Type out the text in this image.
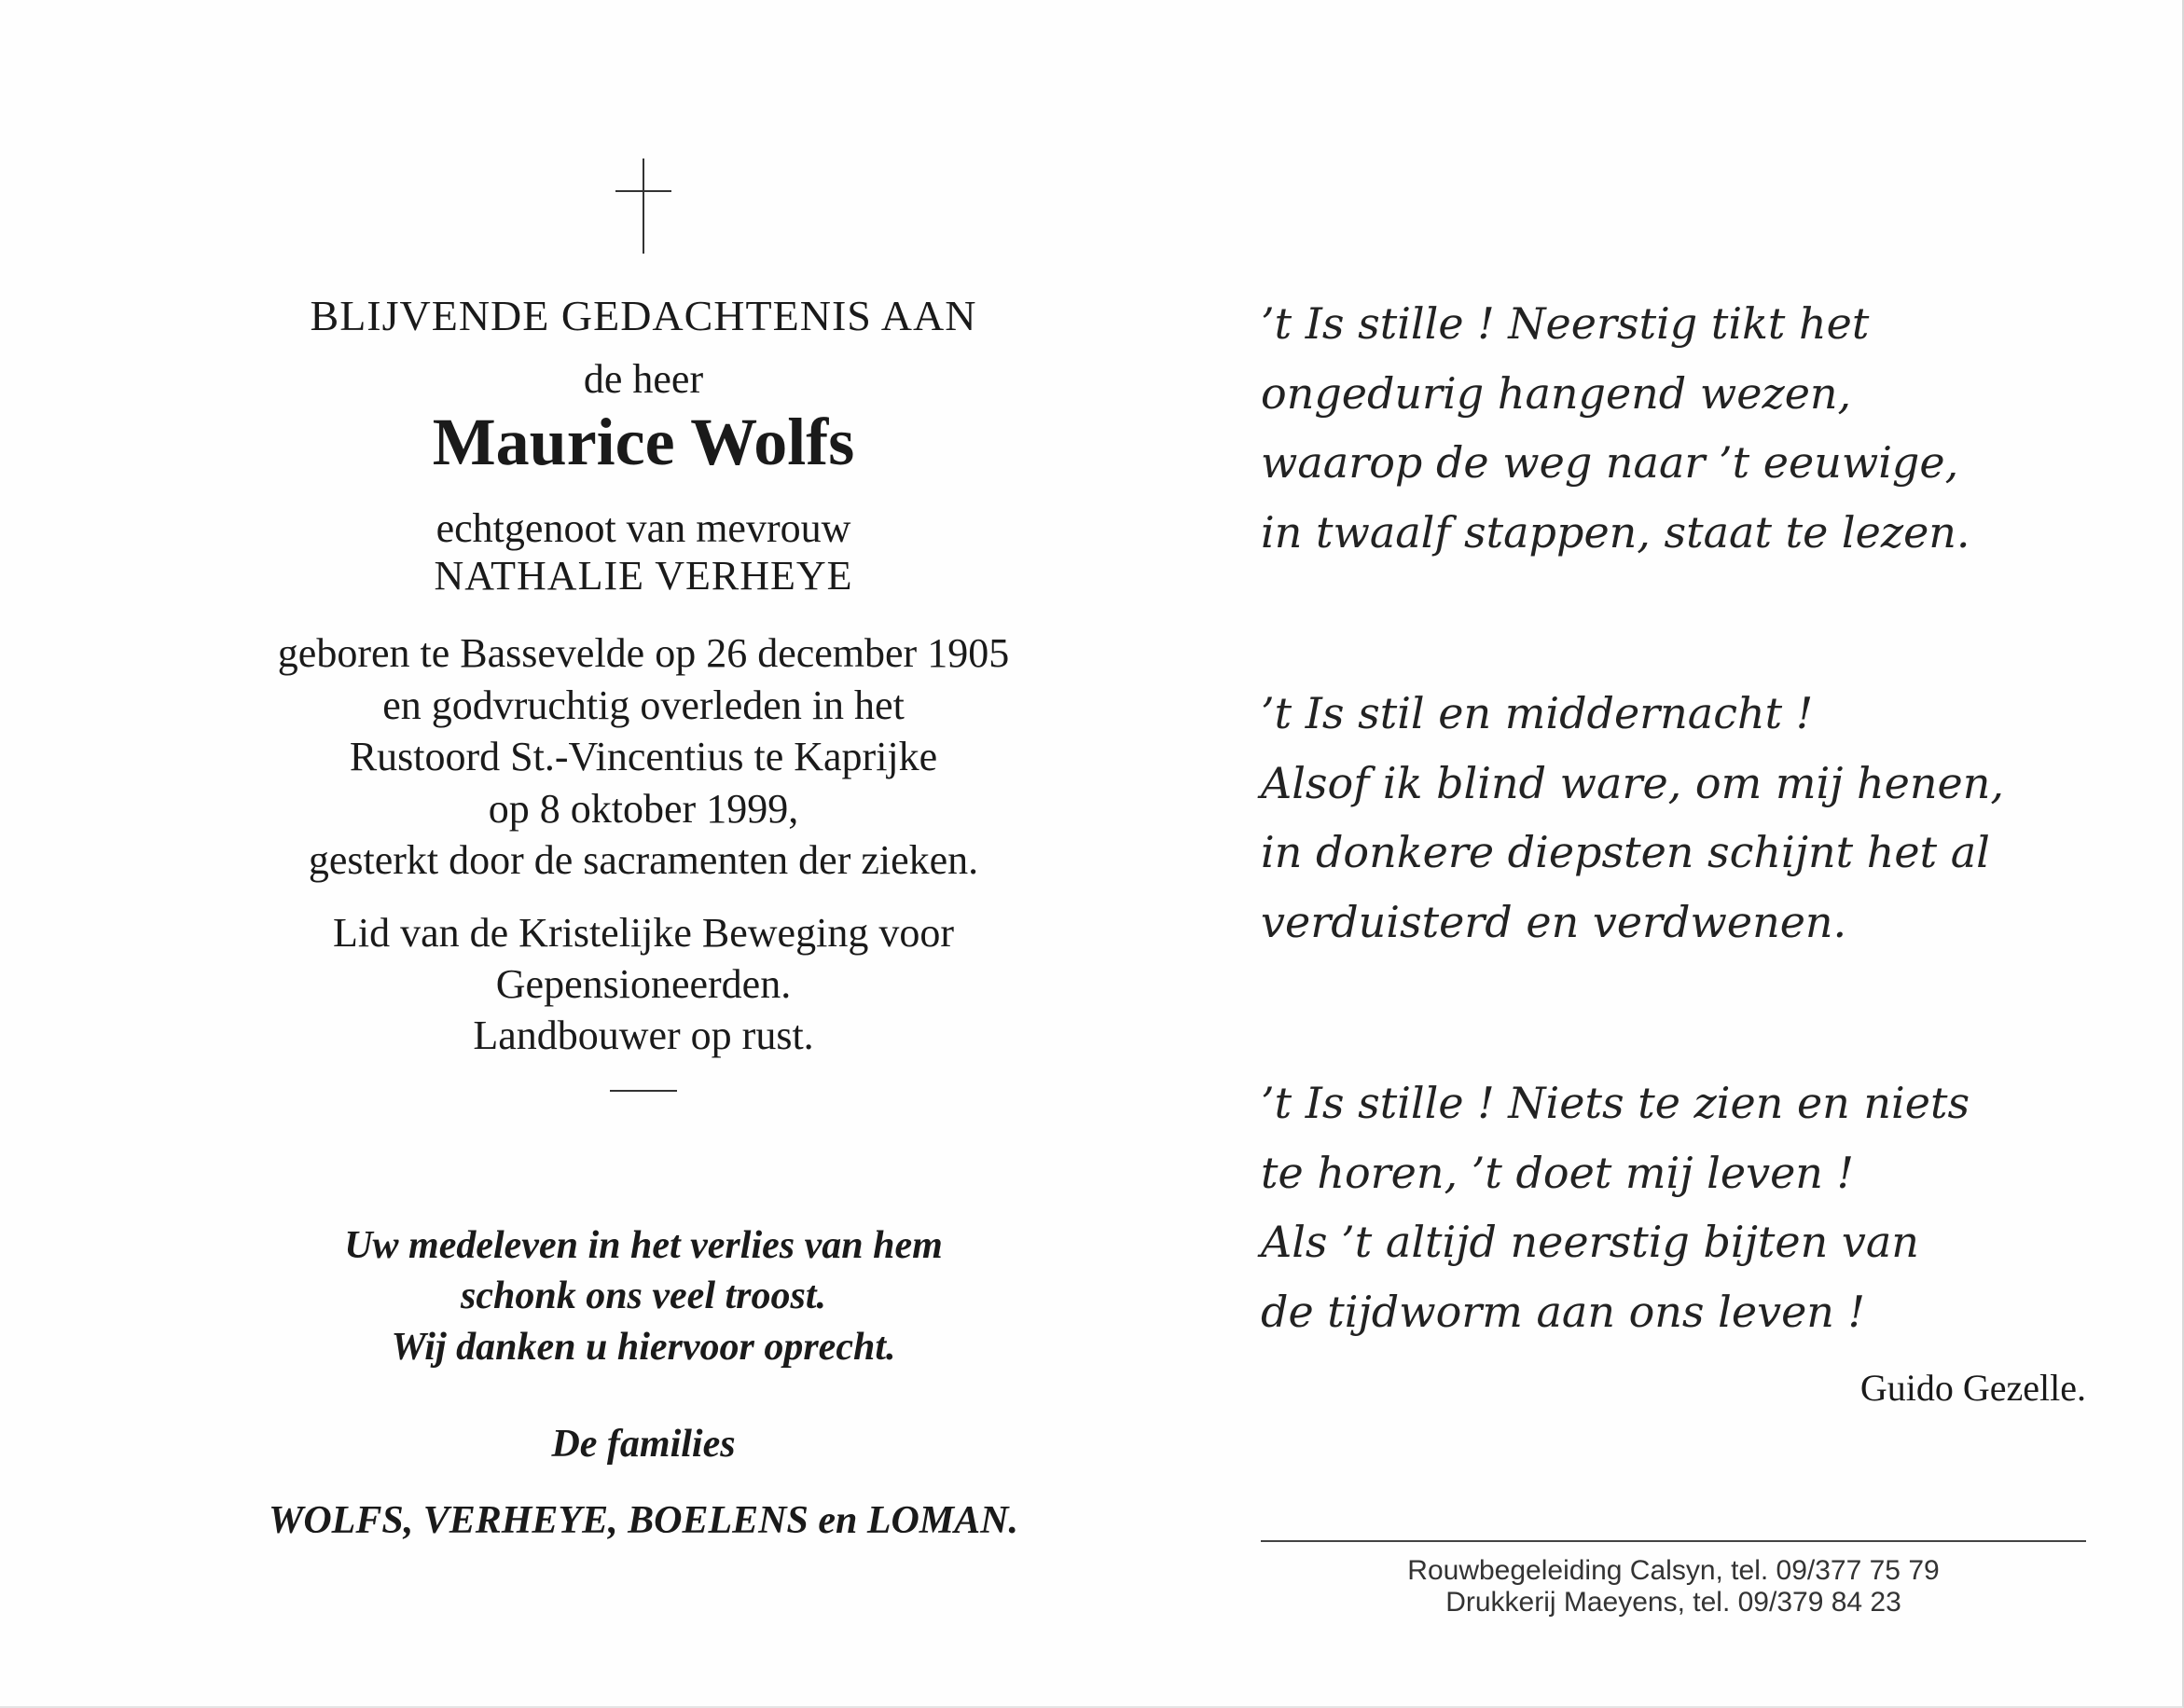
BLIJVENDE GEDACHTENIS AAN
de heer
Maurice Wolfs
echtgenoot van mevrouw
NATHALIE VERHEYE
geboren te Bassevelde op 26 december 1905
en godvruchtig overleden in het
Rustoord St.-Vincentius te Kaprijke
op 8 oktober 1999,
gesterkt door de sacramenten der zieken.
Lid van de Kristelijke Beweging voor
Gepensioneerden.
Landbouwer op rust.
Uw medeleven in het verlies van hem
schonk ons veel troost.
Wij danken u hiervoor oprecht.
De families
WOLFS, VERHEYE, BOELENS en LOMAN.
’t Is stille ! Neerstig tikt het
ongedurig hangend wezen,
waarop de weg naar ’t eeuwige,
in twaalf stappen, staat te lezen.
’t Is stil en middernacht !
Alsof ik blind ware, om mij henen,
in donkere diepsten schijnt het al
verduisterd en verdwenen.
’t Is stille ! Niets te zien en niets
te horen, ’t doet mij leven !
Als ’t altijd neerstig bijten van
de tijdworm aan ons leven !
Guido Gezelle.
Rouwbegeleiding Calsyn, tel. 09/377 75 79
Drukkerij Maeyens, tel. 09/379 84 23
